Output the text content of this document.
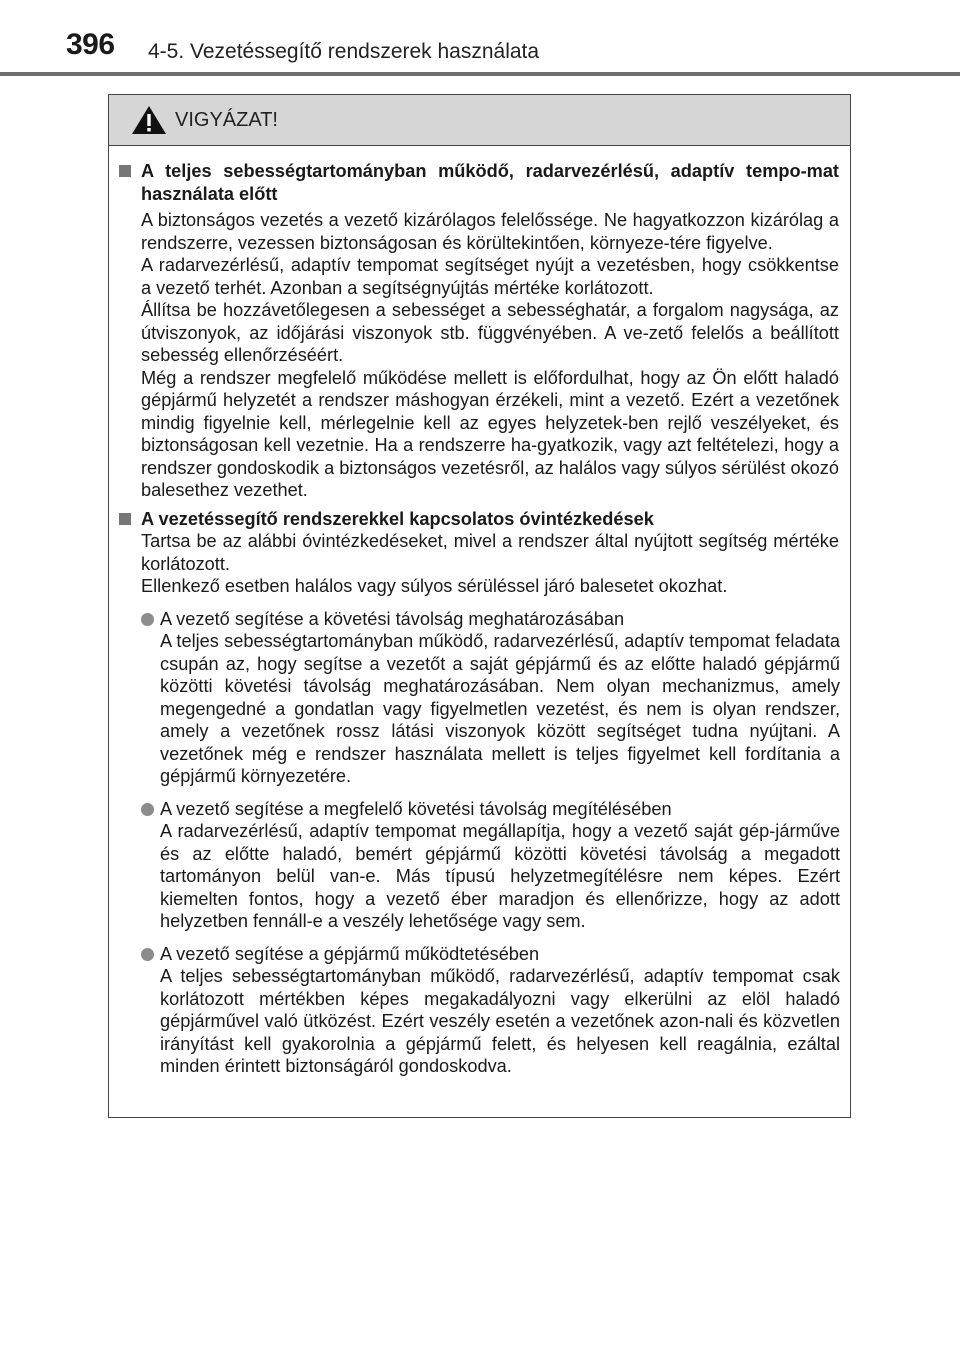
396 4-5. Vezetéssegítő rendszerek használata
VIGYÁZAT!
A teljes sebességtartományban működő, radarvezérlésű, adaptív tempo-mat használata előtt
A biztonságos vezetés a vezető kizárólagos felelőssége. Ne hagyatkozzon kizárólag a rendszerre, vezessen biztonságosan és körültekintően, környeze-tére figyelve.
A radarvezérlésű, adaptív tempomat segítséget nyújt a vezetésben, hogy csökkentse a vezető terhét. Azonban a segítségnyújtás mértéke korlátozott.
Állítsa be hozzávetőlegesen a sebességet a sebességhatár, a forgalom nagysága, az útviszonyok, az időjárási viszonyok stb. függvényében. A ve-zető felelős a beállított sebesség ellenőrzéséért.
Még a rendszer megfelelő működése mellett is előfordulhat, hogy az Ön előtt haladó gépjármű helyzetét a rendszer máshogyan érzékeli, mint a vezető. Ezért a vezetőnek mindig figyelnie kell, mérlegelnie kell az egyes helyzetek-ben rejlő veszélyeket, és biztonságosan kell vezetnie. Ha a rendszerre ha-gyatkozik, vagy azt feltételezi, hogy a rendszer gondoskodik a biztonságos vezetésről, az halálos vagy súlyos sérülést okozó balesethez vezethet.
A vezetéssegítő rendszerekkel kapcsolatos óvintézkedések
Tartsa be az alábbi óvintézkedéseket, mivel a rendszer által nyújtott segítség mértéke korlátozott.
Ellenkező esetben halálos vagy súlyos sérüléssel járó balesetet okozhat.
A vezető segítése a követési távolság meghatározásában
A teljes sebességtartományban működő, radarvezérlésű, adaptív tempomat feladata csupán az, hogy segítse a vezetőt a saját gépjármű és az előtte haladó gépjármű közötti követési távolság meghatározásában. Nem olyan mechanizmus, amely megengedné a gondatlan vagy figyelmetlen vezetést, és nem is olyan rendszer, amely a vezetőnek rossz látási viszonyok között segítséget tudna nyújtani. A vezetőnek még e rendszer használata mellett is teljes figyelmet kell fordítania a gépjármű környezetére.
A vezető segítése a megfelelő követési távolság megítélésében
A radarvezérlésű, adaptív tempomat megállapítja, hogy a vezető saját gép-járműve és az előtte haladó, bemért gépjármű közötti követési távolság a megadott tartományon belül van-e. Más típusú helyzetmegítélésre nem képes. Ezért kiemelten fontos, hogy a vezető éber maradjon és ellenőrizze, hogy az adott helyzetben fennáll-e a veszély lehetősége vagy sem.
A vezető segítése a gépjármű működtetésében
A teljes sebességtartományban működő, radarvezérlésű, adaptív tempomat csak korlátozott mértékben képes megakadályozni vagy elkerülni az elöl haladó gépjárművel való ütközést. Ezért veszély esetén a vezetőnek azon-nali és közvetlen irányítást kell gyakorolnia a gépjármű felett, és helyesen kell reagálnia, ezáltal minden érintett biztonságáról gondoskodva.
